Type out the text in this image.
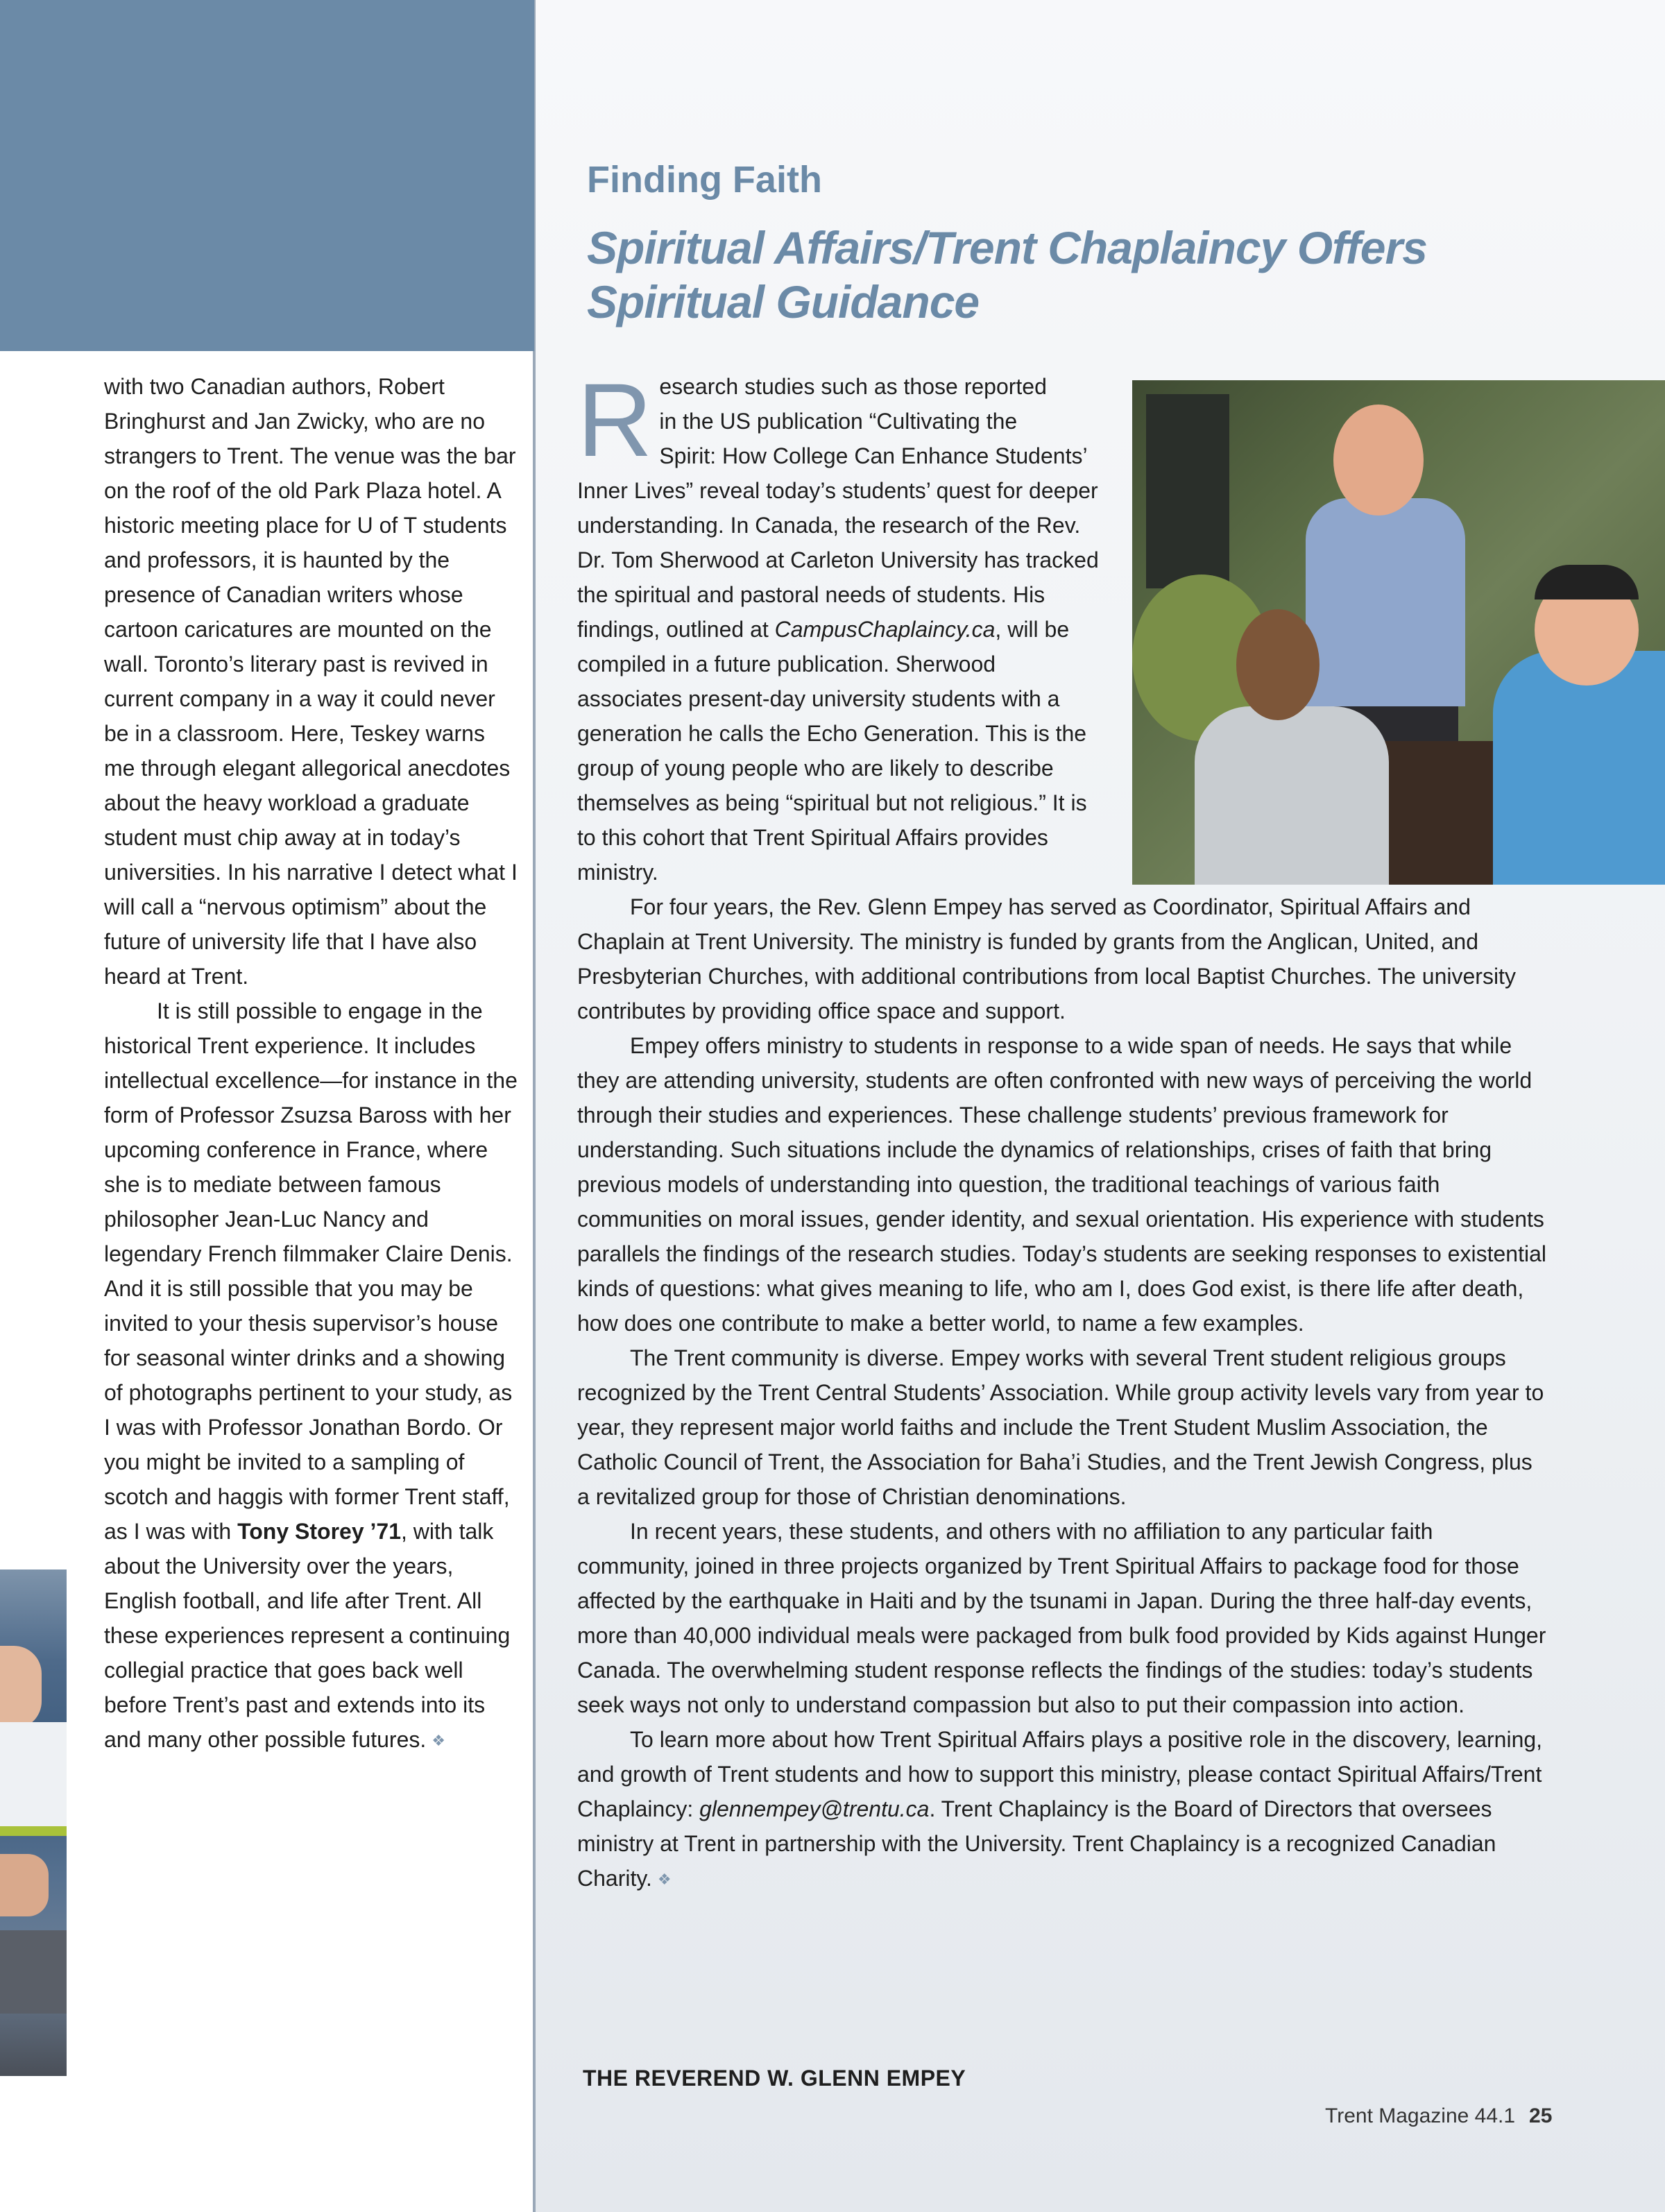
with two Canadian authors, Robert Bringhurst and Jan Zwicky, who are no strangers to Trent. The venue was the bar on the roof of the old Park Plaza hotel. A historic meeting place for U of T students and professors, it is haunted by the presence of Canadian writers whose cartoon caricatures are mounted on the wall. Toronto’s literary past is revived in current company in a way it could never be in a classroom. Here, Teskey warns me through elegant allegorical anecdotes about the heavy workload a graduate student must chip away at in today’s universities. In his narrative I detect what I will call a “nervous optimism” about the future of university life that I have also heard at Trent.

It is still possible to engage in the historical Trent experience. It includes intellectual excellence—for instance in the form of Professor Zsuzsa Baross with her upcoming conference in France, where she is to mediate between famous philosopher Jean-Luc Nancy and legendary French filmmaker Claire Denis. And it is still possible that you may be invited to your thesis supervisor’s house for seasonal winter drinks and a showing of photographs pertinent to your study, as I was with Professor Jonathan Bordo. Or you might be invited to a sampling of scotch and haggis with former Trent staff, as I was with Tony Storey ’71, with talk about the University over the years, English football, and life after Trent. All these experiences represent a continuing collegial practice that goes back well before Trent’s past and extends into its and many other possible futures. ❖

Finding Faith
Spiritual Affairs/Trent Chaplaincy Offers
Spiritual Guidance

R esearch studies such as those reported
in the US publication “Cultivating the
Spirit: How College Can Enhance Students’
Inner Lives” reveal today’s students’ quest for deeper understanding. In Canada, the research of the Rev. Dr. Tom Sherwood at Carleton University has tracked the spiritual and pastoral needs of students. His findings, outlined at CampusChaplaincy.ca, will be compiled in a future publication. Sherwood associates present-day university students with a generation he calls the Echo Generation. This is the group of young people who are likely to describe themselves as being “spiritual but not religious.” It is to this cohort that Trent Spiritual Affairs provides ministry.

For four years, the Rev. Glenn Empey has served as Coordinator, Spiritual Affairs and Chaplain at Trent University. The ministry is funded by grants from the Anglican, United, and Presbyterian Churches, with additional contributions from local Baptist Churches. The university contributes by providing office space and support.

Empey offers ministry to students in response to a wide span of needs. He says that while they are attending university, students are often confronted with new ways of perceiving the world through their studies and experiences. These challenge students’ previous framework for understanding. Such situations include the dynamics of relationships, crises of faith that bring previous models of understanding into question, the traditional teachings of various faith communities on moral issues, gender identity, and sexual orientation. His experience with students parallels the findings of the research studies. Today’s students are seeking responses to existential kinds of questions: what gives meaning to life, who am I, does God exist, is there life after death, how does one contribute to make a better world, to name a few examples.

The Trent community is diverse. Empey works with several Trent student religious groups recognized by the Trent Central Students’ Association. While group activity levels vary from year to year, they represent major world faiths and include the Trent Student Muslim Association, the Catholic Council of Trent, the Association for Baha’i Studies, and the Trent Jewish Congress, plus a revitalized group for those of Christian denominations.

In recent years, these students, and others with no affiliation to any particular faith community, joined in three projects organized by Trent Spiritual Affairs to package food for those affected by the earthquake in Haiti and by the tsunami in Japan. During the three half-day events, more than 40,000 individual meals were packaged from bulk food provided by Kids against Hunger Canada. The overwhelming student response reflects the findings of the studies: today’s students seek ways not only to understand compassion but also to put their compassion into action.

To learn more about how Trent Spiritual Affairs plays a positive role in the discovery, learning, and growth of Trent students and how to support this ministry, please contact Spiritual Affairs/Trent Chaplaincy: glennempey@trentu.ca. Trent Chaplaincy is the Board of Directors that oversees ministry at Trent in partnership with the University. Trent Chaplaincy is a recognized Canadian Charity. ❖

THE REVEREND W. GLENN EMPEY
Trent Magazine 44.1 25
